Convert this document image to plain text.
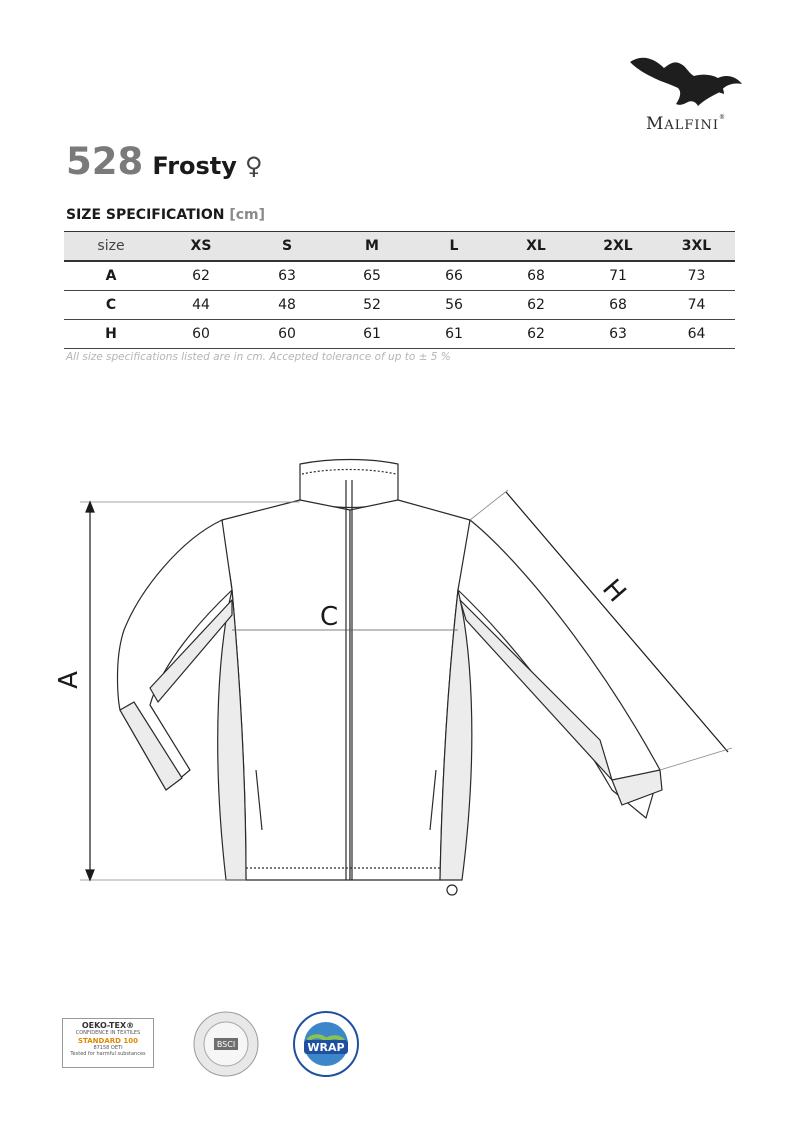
MALFINI®
528 Frosty ♀
SIZE SPECIFICATION [cm]
size	XS	S	M	L	XL	2XL	3XL
A	62	63	65	66	68	71	73
C	44	48	52	56	62	68	74
H	60	60	61	61	62	63	64
All size specifications listed are in cm. Accepted tolerance of up to ± 5 %
A
C
H
OEKO-TEX®
CONFIDENCE IN TEXTILES
STANDARD 100
87158 OETI
Tested for harmful substances
BSCI	WRAP
